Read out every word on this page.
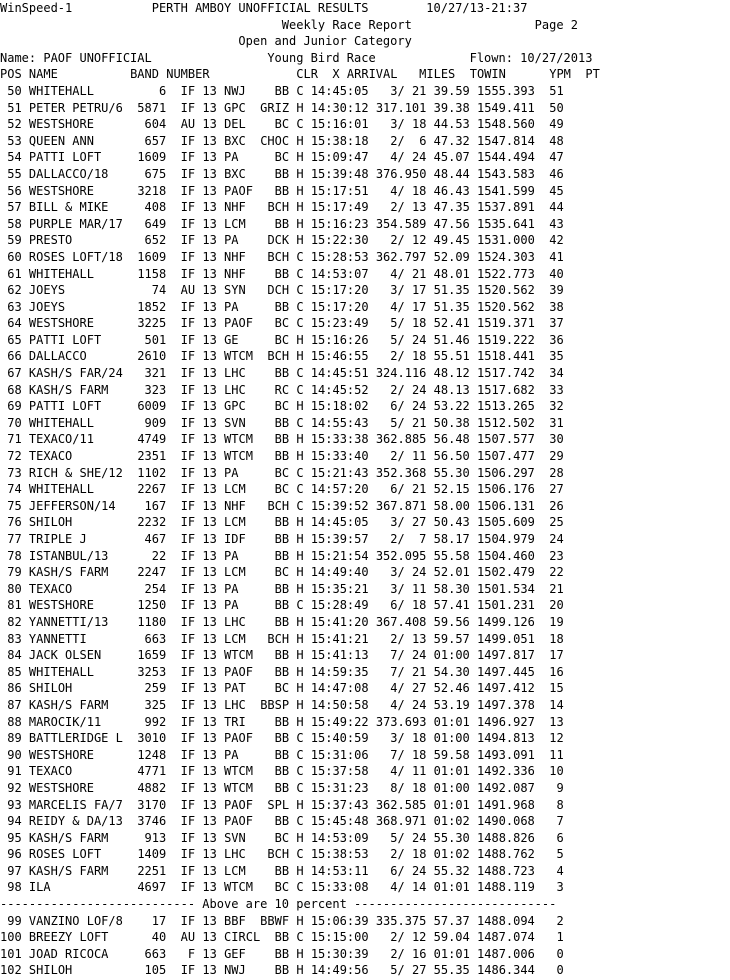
WinSpeed-1	PERTH AMBOY UNOFFICIAL RESULTS	10/27/13-21:37
Weekly Race Report	Page 2
Open and Junior Category
Name: PAOF UNOFFICIAL	Young Bird Race	Flown: 10/27/2013
POS NAME	BAND NUMBER	CLR X ARRIVAL MILES TOWIN	YPM PT
50 WHITEHALL	6 IF 13 NWJ BB C 14:45:05 3/ 21 39.59 1555.393 51
51 PETER PETRU/6 5871 IF 13 GPC GRIZ H 14:30:12 317.101 39.38 1549.411 50
52 WESTSHORE	604 AU 13 DEL BC C 15:16:01 3/ 18 44.53 1548.560 49
53 QUEEN ANN	657 IF 13 BXC CHOC H 15:38:18 2/  6 47.32 1547.814 48
54 PATTI LOFT	1609 IF 13 PA	BC H 15:09:47 4/ 24 45.07 1544.494 47
55 DALLACCO/18	675 IF 13 BXC BB H 15:39:48 376.950 48.44 1543.583 46
56 WESTSHORE	3218 IF 13 PAOF BB H 15:17:51 4/ 18 46.43 1541.599 45
57 BILL & MIKE	408 IF 13 NHF BCH H 15:17:49 2/ 13 47.35 1537.891 44
58 PURPLE MAR/17 649 IF 13 LCM BB H 15:16:23 354.589 47.56 1535.641 43
59 PRESTO	652 IF 13 PA DCK H 15:22:30 2/ 12 49.45 1531.000 42
60 ROSES LOFT/18 1609 IF 13 NHF BCH C 15:28:53 362.797 52.09 1524.303 41
61 WHITEHALL	1158 IF 13 NHF BB C 14:53:07 4/ 21 48.01 1522.773 40
62 JOEYS	74 AU 13 SYN DCH C 15:17:20 3/ 17 51.35 1520.562 39
63 JOEYS	1852 IF 13 PA	BB C 15:17:20 4/ 17 51.35 1520.562 38
64 WESTSHORE	3225 IF 13 PAOF BC C 15:23:49 5/ 18 52.41 1519.371 37
65 PATTI LOFT	501 IF 13 GE	BC H 15:16:26 5/ 24 51.46 1519.222 36
66 DALLACCO	2610 IF 13 WTCM BCH H 15:46:55 2/ 18 55.51 1518.441 35
67 KASH/S FAR/24 321 IF 13 LHC BB C 14:45:51 324.116 48.12 1517.742 34
68 KASH/S FARM	323 IF 13 LHC RC C 14:45:52 2/ 24 48.13 1517.682 33
69 PATTI LOFT	6009 IF 13 GPC BC H 15:18:02 6/ 24 53.22 1513.265 32
70 WHITEHALL	909 IF 13 SVN BB C 14:55:43 5/ 21 50.38 1512.502 31
71 TEXACO/11	4749 IF 13 WTCM BB H 15:33:38 362.885 56.48 1507.577 30
72 TEXACO	2351 IF 13 WTCM BB H 15:33:40 2/ 11 56.50 1507.477 29
73 RICH & SHE/12 1102 IF 13 PA	BC C 15:21:43 352.368 55.30 1506.297 28
74 WHITEHALL	2267 IF 13 LCM BC C 14:57:20 6/ 21 52.15 1506.176 27
75 JEFFERSON/14 167 IF 13 NHF BCH C 15:39:52 367.871 58.00 1506.131 26
76 SHILOH	2232 IF 13 LCM BB H 14:45:05 3/ 27 50.43 1505.609 25
77 TRIPLE J	467 IF 13 IDF BB H 15:39:57 2/  7 58.17 1504.979 24
78 ISTANBUL/13	22 IF 13 PA	BB H 15:21:54 352.095 55.58 1504.460 23
79 KASH/S FARM 2247 IF 13 LCM BC H 14:49:40 3/ 24 52.01 1502.479 22
80 TEXACO	254 IF 13 PA	BB H 15:35:21 3/ 11 58.30 1501.534 21
81 WESTSHORE	1250 IF 13 PA	BB C 15:28:49 6/ 18 57.41 1501.231 20
82 YANNETTI/13 1180 IF 13 LHC BB H 15:41:20 367.408 59.56 1499.126 19
83 YANNETTI	663 IF 13 LCM BCH H 15:41:21 2/ 13 59.57 1499.051 18
84 JACK OLSEN	1659 IF 13 WTCM BB H 15:41:13 7/ 24 01:00 1497.817 17
85 WHITEHALL	3253 IF 13 PAOF BB H 14:59:35 7/ 21 54.30 1497.445 16
86 SHILOH	259 IF 13 PAT BC H 14:47:08 4/ 27 52.46 1497.412 15
87 KASH/S FARM	325 IF 13 LHC BBSP H 14:50:58 4/ 24 53.19 1497.378 14
88 MAROCIK/11	992 IF 13 TRI BB H 15:49:22 373.693 01:01 1496.927 13
89 BATTLERIDGE L 3010 IF 13 PAOF BB C 15:40:59 3/ 18 01:00 1494.813 12
90 WESTSHORE	1248 IF 13 PA	BB C 15:31:06 7/ 18 59.58 1493.091 11
91 TEXACO	4771 IF 13 WTCM BB C 15:37:58 4/ 11 01:01 1492.336 10
92 WESTSHORE	4882 IF 13 WTCM BB C 15:31:23 8/ 18 01:00 1492.087 9
93 MARCELIS FA/7 3170 IF 13 PAOF SPL H 15:37:43 362.585 01:01 1491.968 8
94 REIDY & DA/13 3746 IF 13 PAOF BB C 15:45:48 368.971 01:02 1490.068 7
95 KASH/S FARM	913 IF 13 SVN BC H 14:53:09 5/ 24 55.30 1488.826 6
96 ROSES LOFT	1409 IF 13 LHC BCH C 15:38:53 2/ 18 01:02 1488.762 5
97 KASH/S FARM 2251 IF 13 LCM BB H 14:53:11 6/ 24 55.32 1488.723 4
98 ILA	4697 IF 13 WTCM BC C 15:33:08 4/ 14 01:01 1488.119 3
--------------------------- Above are 10 percent ----------------------------
99 VANZINO LOF/8 17 IF 13 BBF BBWF H 15:06:39 335.375 57.37 1488.094 2
100 BREEZY LOFT	40 AU 13 CIRCL BB C 15:15:00 2/ 12 59.04 1487.074 1
101 JOAD RICOCA	663 F 13 GEF BB H 15:30:39 2/ 16 01:01 1487.006 0
102 SHILOH	105 IF 13 NWJ BB H 14:49:56 5/ 27 55.35 1486.344 0
